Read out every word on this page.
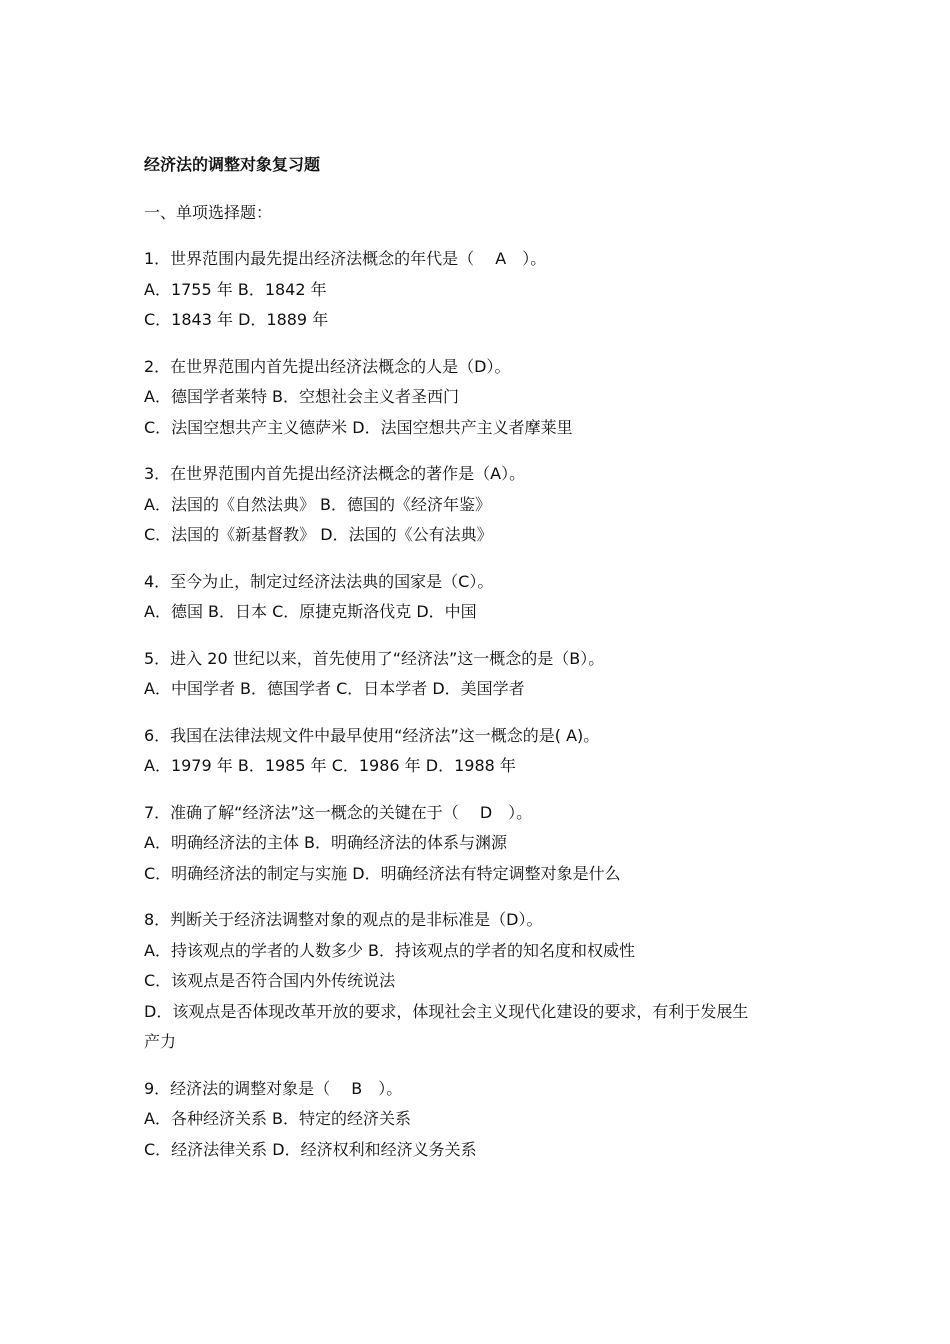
经济法的调整对象复习题
一、单项选择题：
1．世界范围内最先提出经济法概念的年代是（　 A　）。
A．1755 年 B．1842 年
C．1843 年 D．1889 年
2．在世界范围内首先提出经济法概念的人是（D）。
A．德国学者莱特 B．空想社会主义者圣西门
C．法国空想共产主义德萨米 D．法国空想共产主义者摩莱里
3．在世界范围内首先提出经济法概念的著作是（A）。
A．法国的《自然法典》 B．德国的《经济年鉴》
C．法国的《新基督教》 D．法国的《公有法典》
4．至今为止，制定过经济法法典的国家是（C）。
A．德国 B．日本 C．原捷克斯洛伐克 D．中国
5．进入 20 世纪以来，首先使用了“经济法”这一概念的是（B）。
A．中国学者 B．德国学者 C．日本学者 D．美国学者
6．我国在法律法规文件中最早使用“经济法”这一概念的是( A)。
A．1979 年 B．1985 年 C．1986 年 D．1988 年
7．准确了解“经济法”这一概念的关键在于（　 D　）。
A．明确经济法的主体 B．明确经济法的体系与渊源
C．明确经济法的制定与实施 D．明确经济法有特定调整对象是什么
8．判断关于经济法调整对象的观点的是非标准是（D）。
A．持该观点的学者的人数多少 B．持该观点的学者的知名度和权威性
C．该观点是否符合国内外传统说法
D．该观点是否体现改革开放的要求，体现社会主义现代化建设的要求，有利于发展生
产力
9．经济法的调整对象是（　 B　）。
A．各种经济关系 B．特定的经济关系
C．经济法律关系 D．经济权利和经济义务关系
